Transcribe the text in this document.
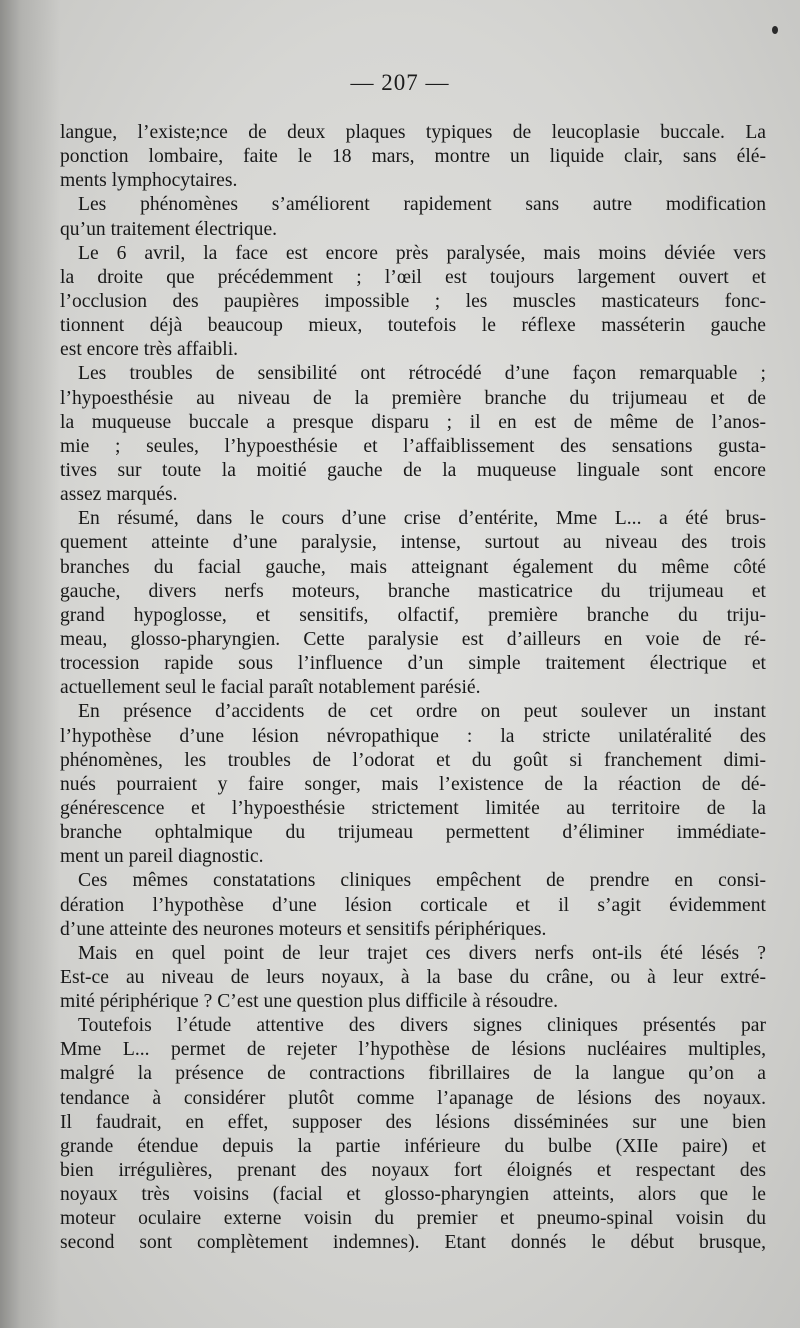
— 207 —
langue, l’existe;nce de deux plaques typiques de leucoplasie buccale. La
ponction lombaire, faite le 18 mars, montre un liquide clair, sans élé-
ments lymphocytaires.
Les phénomènes s’améliorent rapidement sans autre modification
qu’un traitement électrique.
Le 6 avril, la face est encore près paralysée, mais moins déviée vers
la droite que précédemment ; l’œil est toujours largement ouvert et
l’occlusion des paupières impossible ; les muscles masticateurs fonc-
tionnent déjà beaucoup mieux, toutefois le réflexe masséterin gauche
est encore très affaibli.
Les troubles de sensibilité ont rétrocédé d’une façon remarquable ;
l’hypoesthésie au niveau de la première branche du trijumeau et de
la muqueuse buccale a presque disparu ; il en est de même de l’anos-
mie ; seules, l’hypoesthésie et l’affaiblissement des sensations gusta-
tives sur toute la moitié gauche de la muqueuse linguale sont encore
assez marqués.
En résumé, dans le cours d’une crise d’entérite, Mme L... a été brus-
quement atteinte d’une paralysie, intense, surtout au niveau des trois
branches du facial gauche, mais atteignant également du même côté
gauche, divers nerfs moteurs, branche masticatrice du trijumeau et
grand hypoglosse, et sensitifs, olfactif, première branche du triju-
meau, glosso-pharyngien. Cette paralysie est d’ailleurs en voie de ré-
trocession rapide sous l’influence d’un simple traitement électrique et
actuellement seul le facial paraît notablement parésié.
En présence d’accidents de cet ordre on peut soulever un instant
l’hypothèse d’une lésion névropathique : la stricte unilatéralité des
phénomènes, les troubles de l’odorat et du goût si franchement dimi-
nués pourraient y faire songer, mais l’existence de la réaction de dé-
générescence et l’hypoesthésie strictement limitée au territoire de la
branche ophtalmique du trijumeau permettent d’éliminer immédiate-
ment un pareil diagnostic.
Ces mêmes constatations cliniques empêchent de prendre en consi-
dération l’hypothèse d’une lésion corticale et il s’agit évidemment
d’une atteinte des neurones moteurs et sensitifs périphériques.
Mais en quel point de leur trajet ces divers nerfs ont-ils été lésés ?
Est-ce au niveau de leurs noyaux, à la base du crâne, ou à leur extré-
mité périphérique ? C’est une question plus difficile à résoudre.
Toutefois l’étude attentive des divers signes cliniques présentés par
Mme L... permet de rejeter l’hypothèse de lésions nucléaires multiples,
malgré la présence de contractions fibrillaires de la langue qu’on a
tendance à considérer plutôt comme l’apanage de lésions des noyaux.
Il faudrait, en effet, supposer des lésions disséminées sur une bien
grande étendue depuis la partie inférieure du bulbe (XIIe paire) et
bien irrégulières, prenant des noyaux fort éloignés et respectant des
noyaux très voisins (facial et glosso-pharyngien atteints, alors que le
moteur oculaire externe voisin du premier et pneumo-spinal voisin du
second sont complètement indemnes). Etant donnés le début brusque,
